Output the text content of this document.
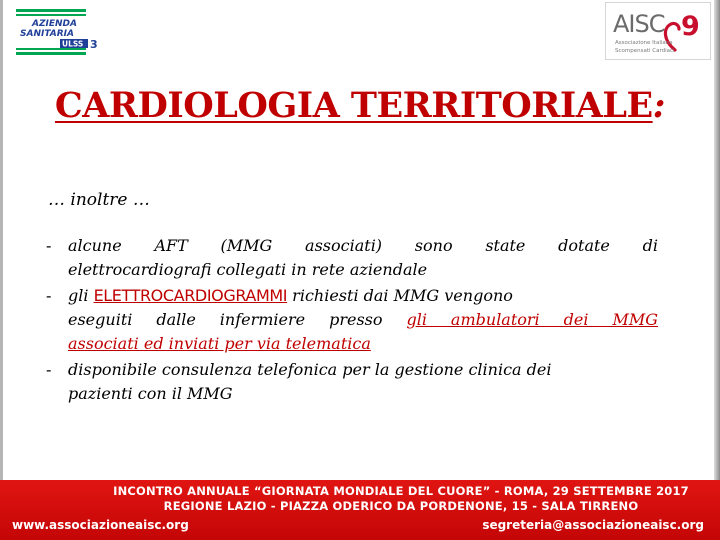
AZIENDA
SANITARIA
ULSS 3
AISC 9
Associazione Italiana
Scompensati Cardiaci
CARDIOLOGIA TERRITORIALE:
… inoltre …
- alcune AFT (MMG associati) sono state dotate di
elettrocardiografi collegati in rete aziendale
- gli ELETTROCARDIOGRAMMI richiesti dai MMG vengono
eseguiti dalle infermiere presso gli ambulatori dei MMG
associati ed inviati per via telematica
- disponibile consulenza telefonica per la gestione clinica dei
pazienti con il MMG
INCONTRO ANNUALE “GIORNATA MONDIALE DEL CUORE” - ROMA, 29 SETTEMBRE 2017
REGIONE LAZIO - PIAZZA ODERICO DA PORDENONE, 15 - SALA TIRRENO
www.associazioneaisc.org	segreteria@associazioneaisc.org
